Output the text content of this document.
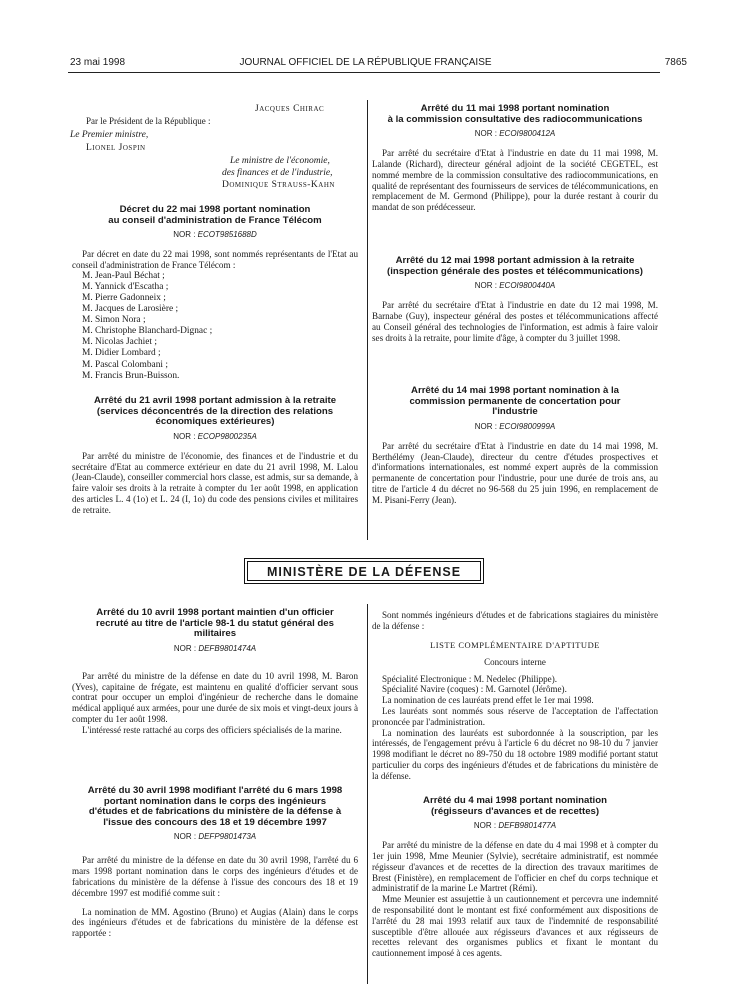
23 mai 1998	JOURNAL OFFICIEL DE LA RÉPUBLIQUE FRANÇAISE	7865
Jacques Chirac
Par le Président de la République :
Le Premier ministre,
Lionel Jospin
Le ministre de l'économie,
des finances et de l'industrie,
Dominique Strauss-Kahn

Décret du 22 mai 1998 portant nomination

au conseil d'administration de France Télécom

NOR : ECOT9851688D

Par décret en date du 22 mai 1998, sont nommés représentants de l'Etat au conseil d'administration de France Télécom :

M. Jean-Paul Béchat ;
M. Yannick d'Escatha ;
M. Pierre Gadonneix ;
M. Jacques de Larosière ;
M. Simon Nora ;
M. Christophe Blanchard-Dignac ;
M. Nicolas Jachiet ;
M. Didier Lombard ;
M. Pascal Colombani ;
M. Francis Brun-Buisson.

Arrêté du 21 avril 1998 portant admission à la retraite

(services déconcentrés de la direction des relations

économiques extérieures)

NOR : ECOP9800235A

Par arrêté du ministre de l'économie, des finances et de l'industrie et du secrétaire d'Etat au commerce extérieur en date du 21 avril 1998, M. Lalou (Jean-Claude), conseiller commercial hors classe, est admis, sur sa demande, à faire valoir ses droits à la retraite à compter du 1er août 1998, en application des articles L. 4 (1o) et L. 24 (I, 1o) du code des pensions civiles et militaires de retraite.

Arrêté du 11 mai 1998 portant nomination

à la commission consultative des radiocommunications

NOR : ECOI9800412A

Par arrêté du secrétaire d'Etat à l'industrie en date du 11 mai 1998, M. Lalande (Richard), directeur général adjoint de la société CEGETEL, est nommé membre de la commission consultative des radiocommunications, en qualité de représentant des fournisseurs de services de télécommunications, en remplacement de M. Germond (Philippe), pour la durée restant à courir du mandat de son prédécesseur.

Arrêté du 12 mai 1998 portant admission à la retraite

(inspection générale des postes et télécommunications)

NOR : ECOI9800440A

Par arrêté du secrétaire d'Etat à l'industrie en date du 12 mai 1998, M. Barnabe (Guy), inspecteur général des postes et télécommunications affecté au Conseil général des technologies de l'information, est admis à faire valoir ses droits à la retraite, pour limite d'âge, à compter du 3 juillet 1998.

Arrêté du 14 mai 1998 portant nomination à la

commission permanente de concertation pour

l'industrie

NOR : ECOI9800999A

Par arrêté du secrétaire d'Etat à l'industrie en date du 14 mai 1998, M. Berthélémy (Jean-Claude), directeur du centre d'études prospectives et d'informations internationales, est nommé expert auprès de la commission permanente de concertation pour l'industrie, pour une durée de trois ans, au titre de l'article 4 du décret no 96-568 du 25 juin 1996, en remplacement de M. Pisani-Ferry (Jean).

MINISTÈRE DE LA DÉFENSE

Arrêté du 10 avril 1998 portant maintien d'un officier

recruté au titre de l'article 98-1 du statut général des

militaires

NOR : DEFB9801474A

Par arrêté du ministre de la défense en date du 10 avril 1998, M. Baron (Yves), capitaine de frégate, est maintenu en qualité d'officier servant sous contrat pour occuper un emploi d'ingénieur de recherche dans le domaine médical appliqué aux armées, pour une durée de six mois et vingt-deux jours à compter du 1er août 1998.

L'intéressé reste rattaché au corps des officiers spécialisés de la marine.

Arrêté du 30 avril 1998 modifiant l'arrêté du 6 mars 1998

portant nomination dans le corps des ingénieurs

d'études et de fabrications du ministère de la défense à

l'issue des concours des 18 et 19 décembre 1997

NOR : DEFP9801473A

Par arrêté du ministre de la défense en date du 30 avril 1998, l'arrêté du 6 mars 1998 portant nomination dans le corps des ingénieurs d'études et de fabrications du ministère de la défense à l'issue des concours des 18 et 19 décembre 1997 est modifié comme suit :

La nomination de MM. Agostino (Bruno) et Augias (Alain) dans le corps des ingénieurs d'études et de fabrications du ministère de la défense est rapportée :

Sont nommés ingénieurs d'études et de fabrications stagiaires du ministère de la défense :

LISTE COMPLÉMENTAIRE D'APTITUDE

Concours interne

Spécialité Electronique : M. Nedelec (Philippe).

Spécialité Navire (coques) : M. Garnotel (Jérôme).

La nomination de ces lauréats prend effet le 1er mai 1998.

Les lauréats sont nommés sous réserve de l'acceptation de l'affectation prononcée par l'administration.

La nomination des lauréats est subordonnée à la souscription, par les intéressés, de l'engagement prévu à l'article 6 du décret no 98-10 du 7 janvier 1998 modifiant le décret no 89-750 du 18 octobre 1989 modifié portant statut particulier du corps des ingénieurs d'études et de fabrications du ministère de la défense.

Arrêté du 4 mai 1998 portant nomination

(régisseurs d'avances et de recettes)

NOR : DEFB9801477A

Par arrêté du ministre de la défense en date du 4 mai 1998 et à compter du 1er juin 1998, Mme Meunier (Sylvie), secrétaire administratif, est nommée régisseur d'avances et de recettes de la direction des travaux maritimes de Brest (Finistère), en remplacement de l'officier en chef du corps technique et administratif de la marine Le Martret (Rémi).

Mme Meunier est assujettie à un cautionnement et percevra une indemnité de responsabilité dont le montant est fixé conformément aux dispositions de l'arrêté du 28 mai 1993 relatif aux taux de l'indemnité de responsabilité susceptible d'être allouée aux régisseurs d'avances et aux régisseurs de recettes relevant des organismes publics et fixant le montant du cautionnement imposé à ces agents.
